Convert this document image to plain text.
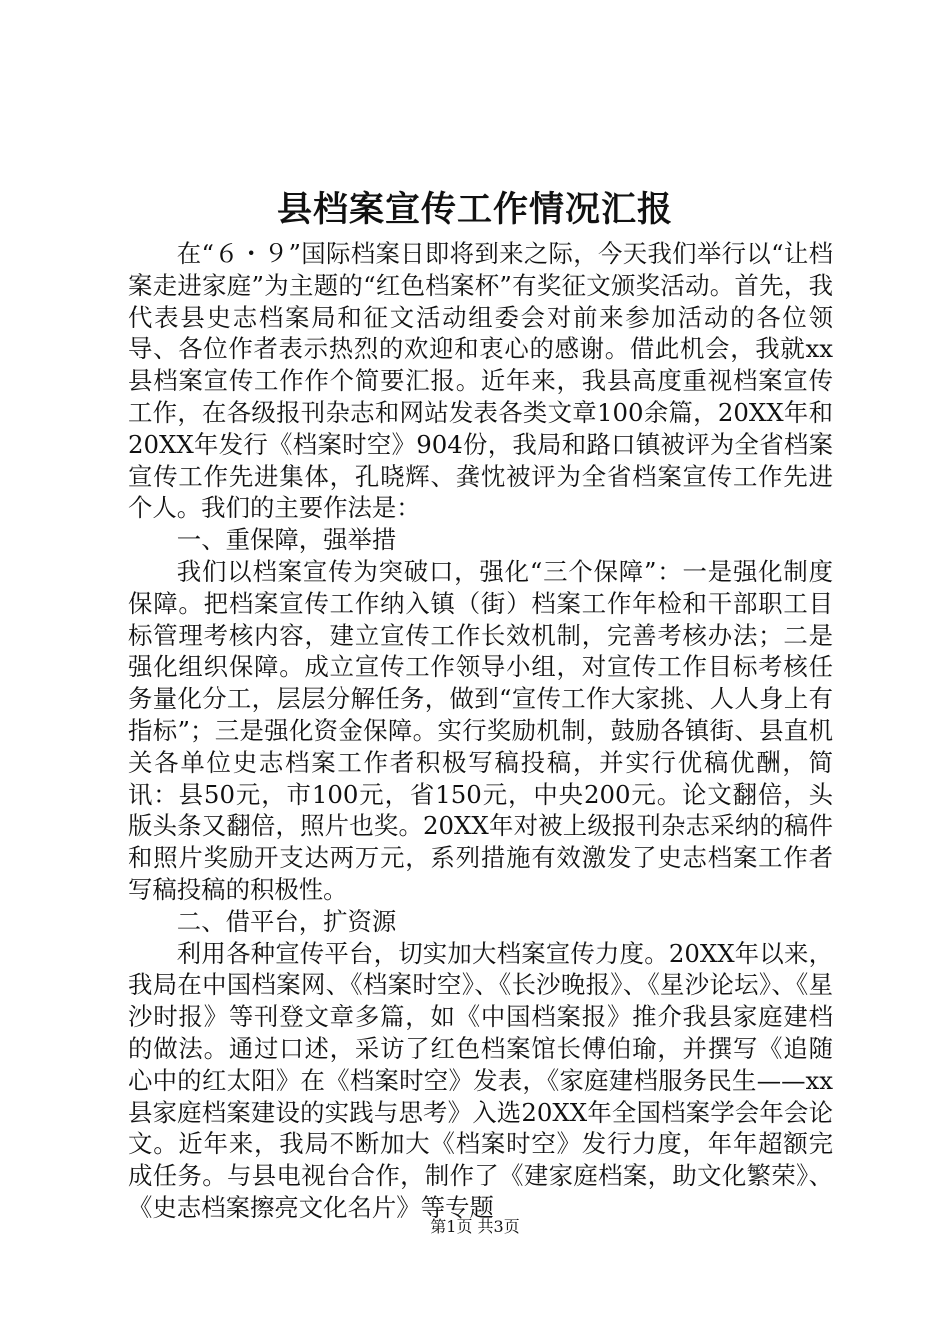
县档案宣传工作情况汇报

在“６・９”国际档案日即将到来之际，今天我们举行以“让档案走进家庭”为主题的“红色档案杯”有奖征文颁奖活动。首先，我代表县史志档案局和征文活动组委会对前来参加活动的各位领导、各位作者表示热烈的欢迎和衷心的感谢。借此机会，我就xx县档案宣传工作作个简要汇报。近年来，我县高度重视档案宣传工作，在各级报刊杂志和网站发表各类文章100余篇，20XX年和20XX年发行《档案时空》904份，我局和路口镇被评为全省档案宣传工作先进集体，孔晓辉、龚忱被评为全省档案宣传工作先进个人。我们的主要作法是：

一、重保障，强举措

我们以档案宣传为突破口，强化“三个保障”：一是强化制度保障。把档案宣传工作纳入镇（街）档案工作年检和干部职工目标管理考核内容，建立宣传工作长效机制，完善考核办法；二是强化组织保障。成立宣传工作领导小组，对宣传工作目标考核任务量化分工，层层分解任务，做到“宣传工作大家挑、人人身上有指标”；三是强化资金保障。实行奖励机制，鼓励各镇街、县直机关各单位史志档案工作者积极写稿投稿，并实行优稿优酬，简讯：县50元，市100元，省150元，中央200元。论文翻倍，头版头条又翻倍，照片也奖。20XX年对被上级报刊杂志采纳的稿件和照片奖励开支达两万元，系列措施有效激发了史志档案工作者写稿投稿的积极性。

二、借平台，扩资源

利用各种宣传平台，切实加大档案宣传力度。20XX年以来，我局在中国档案网、《档案时空》、《长沙晚报》、《星沙论坛》、《星沙时报》等刊登文章多篇，如《中国档案报》推介我县家庭建档的做法。通过口述，采访了红色档案馆长傅伯瑜，并撰写《追随心中的红太阳》在《档案时空》发表，《家庭建档服务民生——xx县家庭档案建设的实践与思考》入选20XX年全国档案学会年会论文。近年来，我局不断加大《档案时空》发行力度，年年超额完成任务。与县电视台合作，制作了《建家庭档案，助文化繁荣》、《史志档案擦亮文化名片》等专题

第1页 共3页
